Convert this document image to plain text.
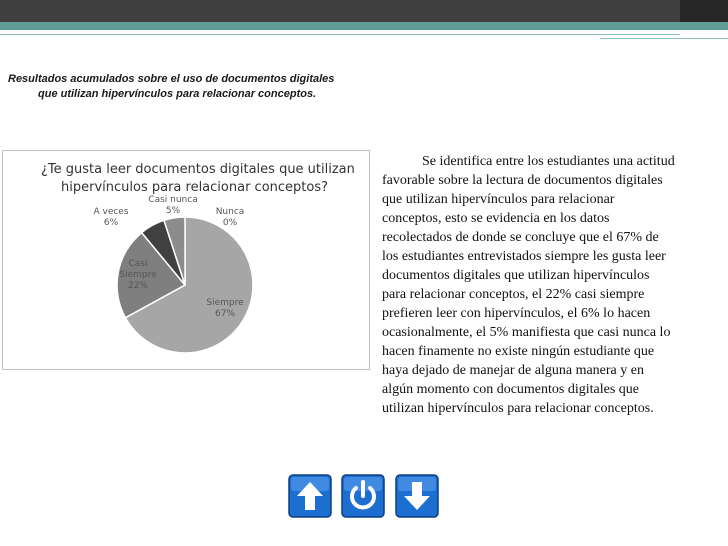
Resultados acumulados sobre el uso de documentos digitales
que utilizan hipervínculos para relacionar conceptos.
¿Te gusta leer documentos digitales que utilizan
hipervínculos para relacionar conceptos?
Siempre 67%
Casi Siempre 22%
A veces 6%
Casi nunca 5%	Nunca 0%
Se identifica entre los estudiantes una actitud
favorable sobre la lectura de documentos digitales
que utilizan hipervínculos para relacionar
conceptos, esto se evidencia en los datos
recolectados de donde se concluye que el 67% de
los estudiantes entrevistados siempre les gusta leer
documentos digitales que utilizan hipervínculos
para relacionar conceptos, el 22% casi siempre
prefieren leer con hipervínculos, el 6% lo hacen
ocasionalmente, el 5% manifiesta que casi nunca lo
hacen finamente no existe ningún estudiante que
haya dejado de manejar de alguna manera y en
algún momento con documentos digitales que
utilizan hipervínculos para relacionar conceptos.
